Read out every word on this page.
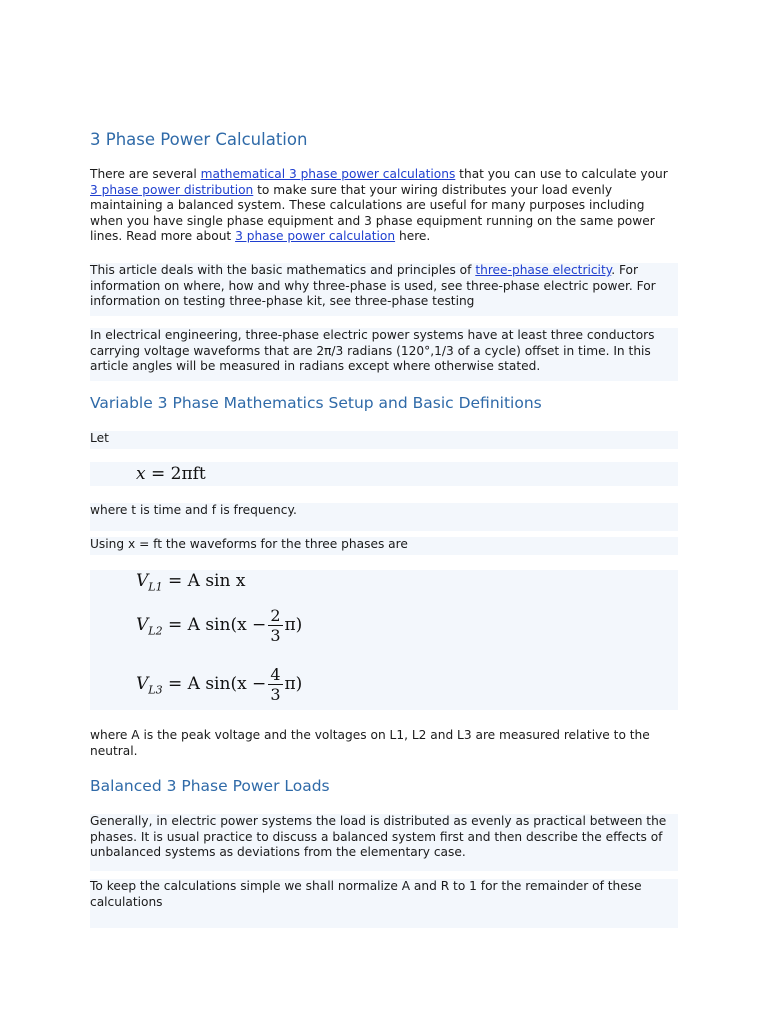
3 Phase Power Calculation

There are several mathematical 3 phase power calculations that you can use to calculate your 3 phase power distribution to make sure that your wiring distributes your load evenly maintaining a balanced system. These calculations are useful for many purposes including when you have single phase equipment and 3 phase equipment running on the same power lines. Read more about 3 phase power calculation here.

This article deals with the basic mathematics and principles of three-phase electricity. For information on where, how and why three-phase is used, see three-phase electric power. For information on testing three-phase kit, see three-phase testing

In electrical engineering, three-phase electric power systems have at least three conductors carrying voltage waveforms that are 2π/3 radians (120°,1/3 of a cycle) offset in time. In this article angles will be measured in radians except where otherwise stated.

Variable 3 Phase Mathematics Setup and Basic Definitions

Let

x = 2πft

where t is time and f is frequency.

Using x = ft the waveforms for the three phases are

$V_{L1} = A$ sin x
$V_{L2} = A$ $\sin(x - \frac{2}{3} \pi)$
$V_{L3} = A$ $\sin(x - \frac{4}{3} \pi)$

where A is the peak voltage and the voltages on L1, L2 and L3 are measured relative to the neutral.

Balanced 3 Phase Power Loads

Generally, in electric power systems the load is distributed as evenly as practical between the phases. It is usual practice to discuss a balanced system first and then describe the effects of unbalanced systems as deviations from the elementary case.

To keep the calculations simple we shall normalize A and R to 1 for the remainder of these calculations
